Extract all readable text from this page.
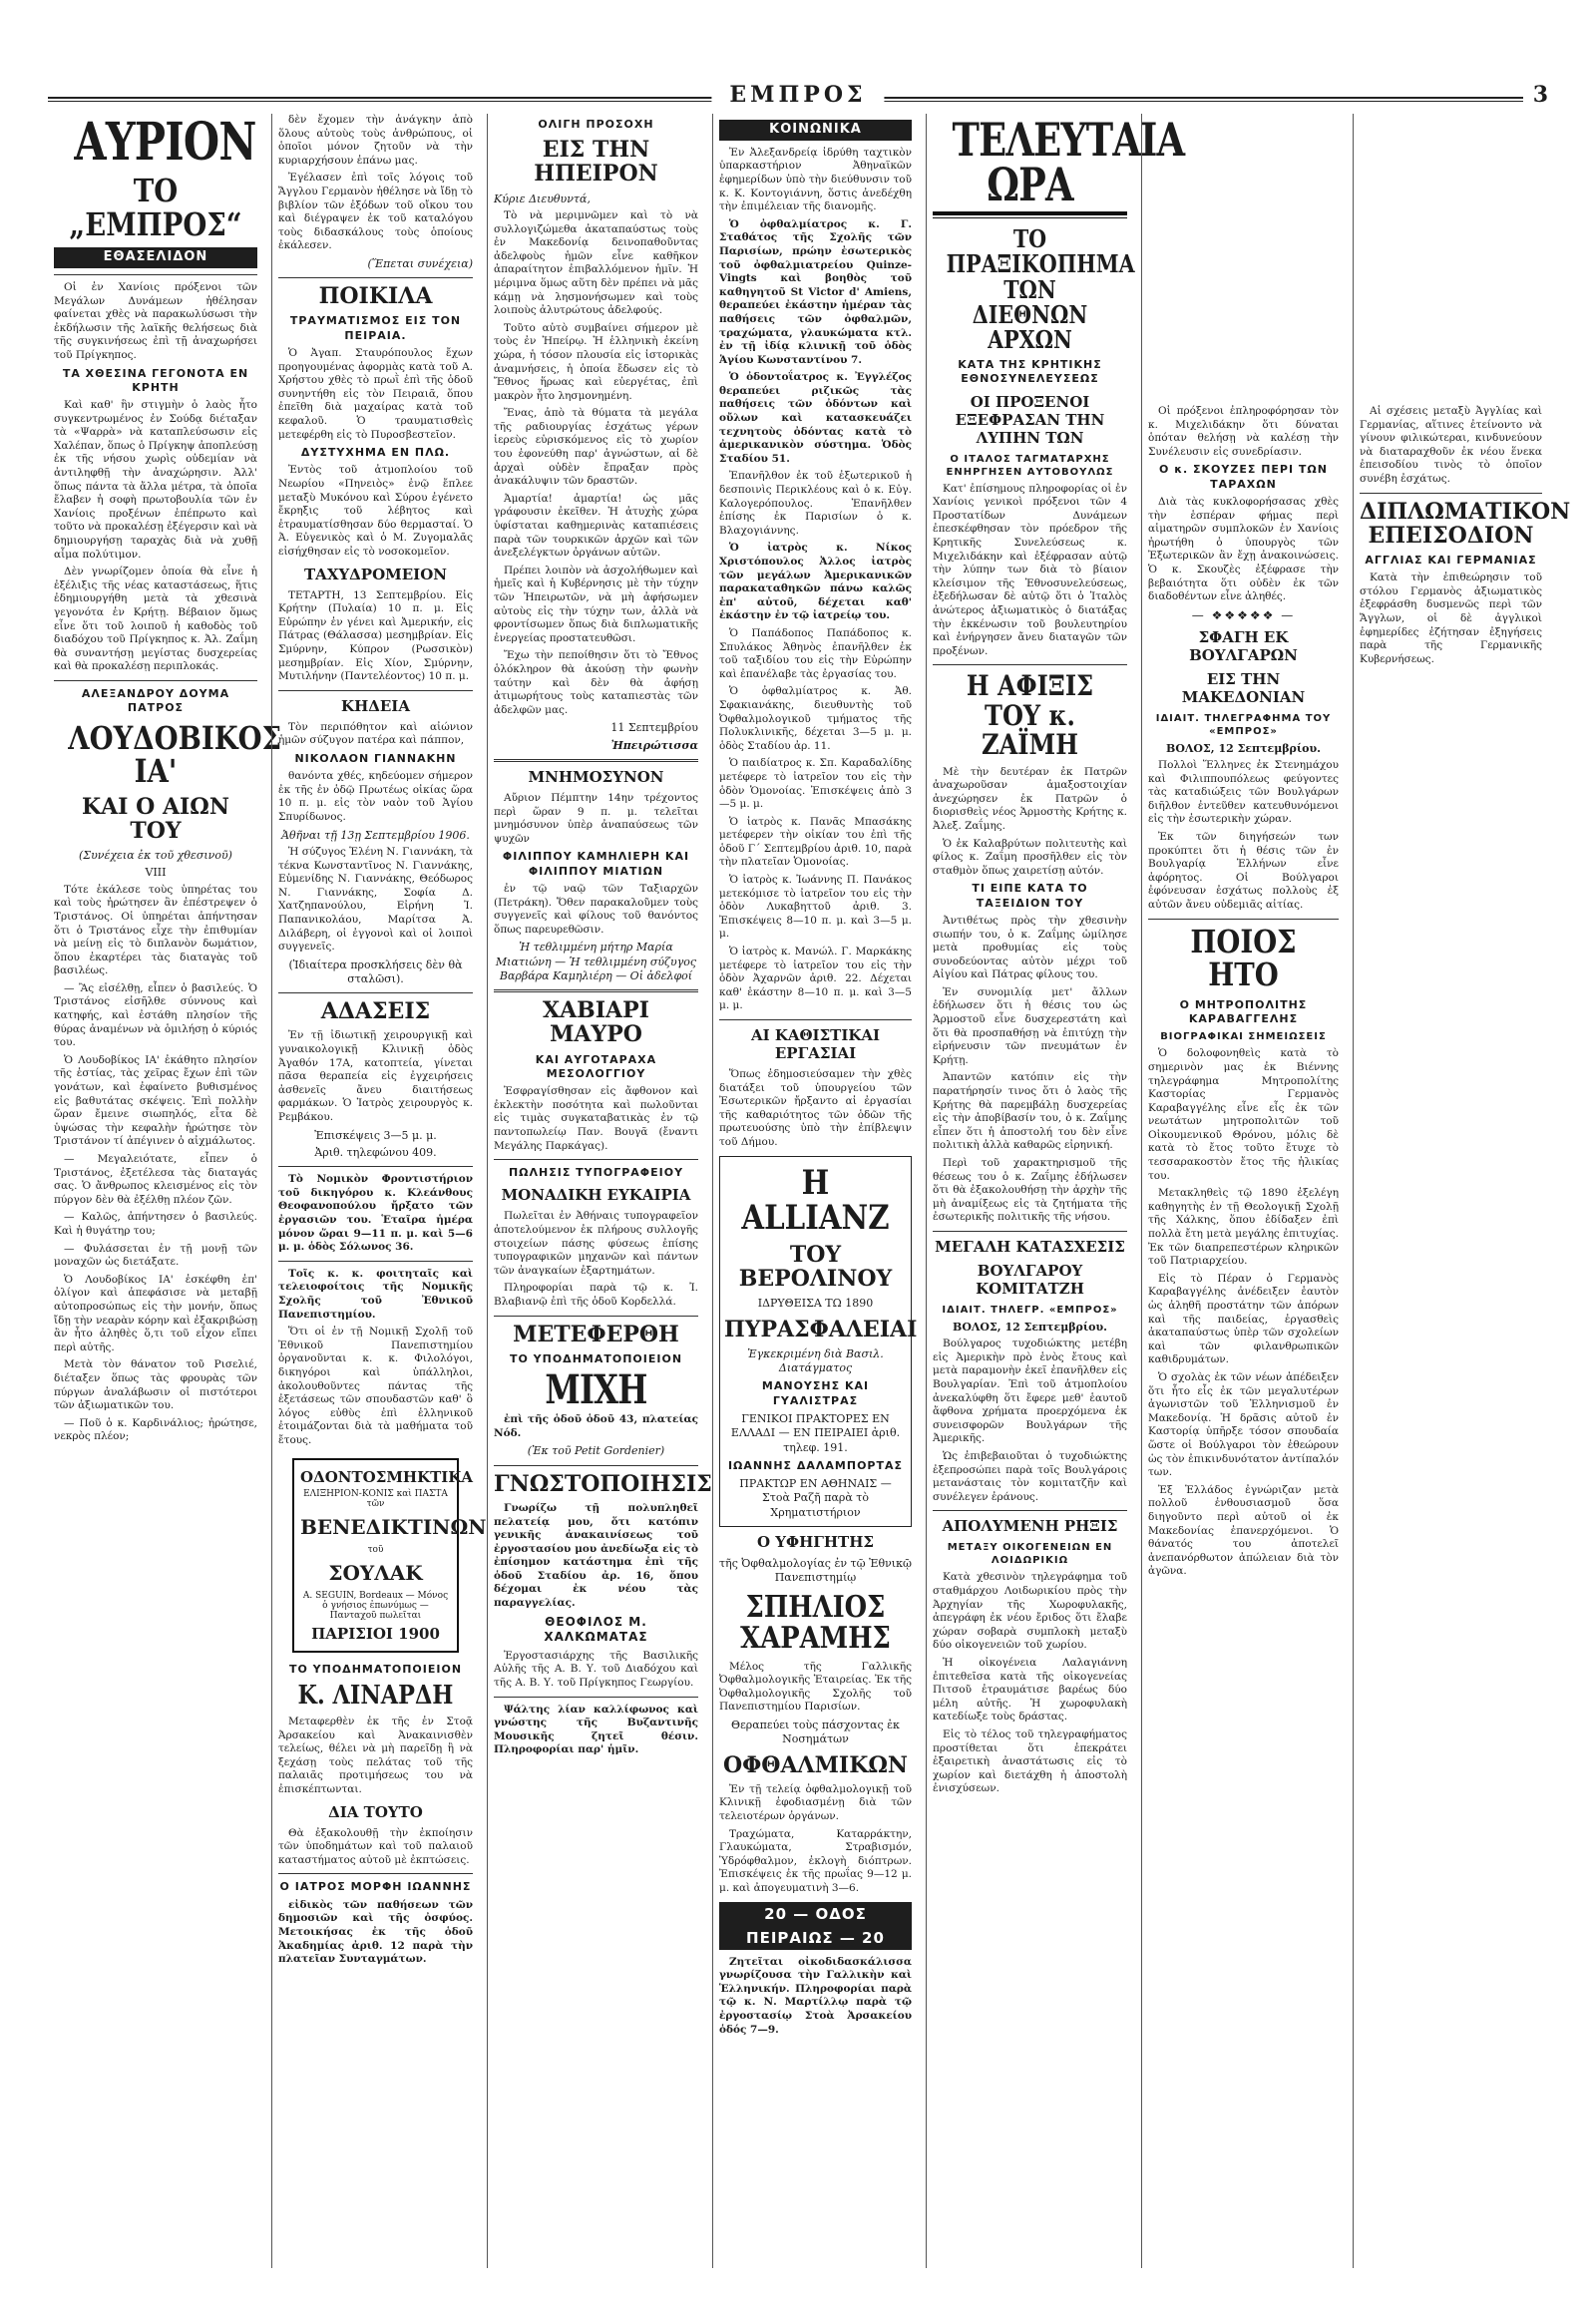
ΕΜΠΡΟΣ	3
ΑΥΡΙΟΝ
ΤΟ „ΕΜΠΡΟΣ“
ΕΘΑΣΕΛΙΔΟΝ

Οἱ ἐν Χανίοις πρόξενοι τῶν Μεγάλων Δυνάμεων ἠθέλησαν φαίνεται χθὲς νὰ παρακωλύσωσι τὴν ἐκδήλωσιν τῆς λαϊκῆς θελήσεως διὰ τῆς συγκινήσεως ἐπὶ τῇ ἀναχωρήσει τοῦ Πρίγκηπος.

ΤΑ ΧΘΕΣΙΝΑ ΓΕΓΟΝΟΤΑ ΕΝ ΚΡΗΤΗ

Καὶ καθ' ἣν στιγμὴν ὁ λαὸς ἦτο συγκεντρωμένος ἐν Σούδᾳ διέταξαν τὰ «Ψαρρὰ» νὰ καταπλεύσωσιν εἰς Χαλέπαν, ὅπως ὁ Πρίγκηψ ἀποπλεύσῃ ἐκ τῆς νήσου χωρὶς οὐδεμίαν νὰ ἀντιληφθῇ τὴν ἀναχώρησιν. Ἀλλ' ὅπως πάντα τὰ ἄλλα μέτρα, τὰ ὁποῖα ἔλαβεν ἡ σοφὴ πρωτοβουλία τῶν ἐν Χανίοις προξένων ἐπέπρωτο καὶ τοῦτο νὰ προκαλέσῃ ἐξέγερσιν καὶ νὰ δημιουργήσῃ ταραχὰς διὰ νὰ χυθῇ αἷμα πολύτιμον.

Δὲν γνωρίζομεν ὁποία θὰ εἶνε ἡ ἐξέλιξις τῆς νέας καταστάσεως, ἥτις ἐδημιουργήθη μετὰ τὰ χθεσινὰ γεγονότα ἐν Κρήτῃ. Βέβαιον ὅμως εἶνε ὅτι τοῦ λοιποῦ ἡ καθοδὸς τοῦ διαδόχου τοῦ Πρίγκηπος κ. Ἀλ. Ζαΐμη θὰ συναντήσῃ μεγίστας δυσχερείας καὶ θὰ προκαλέσῃ περιπλοκάς.

ΑΛΕΞΑΝΔΡΟΥ ΔΟΥΜΑ ΠΑΤΡΟΣ
ΛΟΥΔΟΒΙΚΟΣ ΙΑ'
ΚΑΙ Ο ΑΙΩΝ ΤΟΥ
(Συνέχεια ἐκ τοῦ χθεσινοῦ)
VIII

Τότε ἐκάλεσε τοὺς ὑπηρέτας του καὶ τοὺς ἠρώτησεν ἂν ἐπέστρεψεν ὁ Τριστάνος. Οἱ ὑπηρέται ἀπήντησαν ὅτι ὁ Τριστάνος εἶχε τὴν ἐπιθυμίαν νὰ μείνῃ εἰς τὸ διπλανὸν δωμάτιον, ὅπου ἐκαρτέρει τὰς διαταγὰς τοῦ βασιλέως.

— Ἂς εἰσέλθῃ, εἶπεν ὁ βασιλεύς. Ὁ Τριστάνος εἰσῆλθε σύννους καὶ κατηφής, καὶ ἐστάθη πλησίον τῆς θύρας ἀναμένων νὰ ὁμιλήσῃ ὁ κύριός του.

Ὁ Λουδοβίκος ΙΑ' ἐκάθητο πλησίον τῆς ἑστίας, τὰς χεῖρας ἔχων ἐπὶ τῶν γονάτων, καὶ ἐφαίνετο βυθισμένος εἰς βαθυτάτας σκέψεις. Ἐπὶ πολλὴν ὥραν ἔμεινε σιωπηλός, εἶτα δὲ ὑψώσας τὴν κεφαλὴν ἠρώτησε τὸν Τριστάνον τί ἀπέγινεν ὁ αἰχμάλωτος.

— Μεγαλειότατε, εἶπεν ὁ Τριστάνος, ἐξετέλεσα τὰς διαταγάς σας. Ὁ ἄνθρωπος κλεισμένος εἰς τὸν πύργον δὲν θὰ ἐξέλθῃ πλέον ζῶν.

— Καλῶς, ἀπήντησεν ὁ βασιλεύς. Καὶ ἡ θυγάτηρ του;

— Φυλάσσεται ἐν τῇ μονῇ τῶν μοναχῶν ὡς διετάξατε.

Ὁ Λουδοβίκος ΙΑ' ἐσκέφθη ἐπ' ὀλίγον καὶ ἀπεφάσισε νὰ μεταβῇ αὐτοπροσώπως εἰς τὴν μονήν, ὅπως ἴδῃ τὴν νεαρὰν κόρην καὶ ἐξακριβώσῃ ἂν ἦτο ἀληθὲς ὅ,τι τοῦ εἶχον εἴπει περὶ αὐτῆς.

Μετὰ τὸν θάνατον τοῦ Ρισελιέ, διέταξεν ὅπως τὰς φρουρὰς τῶν πύργων ἀναλάβωσιν οἱ πιστότεροι τῶν ἀξιωματικῶν του.

— Ποῦ ὁ κ. Καρδινάλιος; ἠρώτησε, νεκρὸς πλέον;

δὲν ἔχομεν τὴν ἀνάγκην ἀπὸ ὅλους αὐτοὺς τοὺς ἀνθρώπους, οἱ ὁποῖοι μόνον ζητοῦν νὰ τὴν κυριαρχήσουν ἐπάνω μας.

Ἐγέλασεν ἐπὶ τοῖς λόγοις τοῦ Ἄγγλου Γερμανὸν ἠθέλησε νὰ ἴδῃ τὸ βιβλίον τῶν ἐξόδων τοῦ οἴκου του καὶ διέγραψεν ἐκ τοῦ καταλόγου τοὺς διδασκάλους τοὺς ὁποίους ἐκάλεσεν.

(Ἕπεται συνέχεια)
ΠΟΙΚΙΛΑ
ΤΡΑΥΜΑΤΙΣΜΟΣ ΕΙΣ ΤΟΝ ΠΕΙΡΑΙΑ.

Ὁ Ἀγαπ. Σταυρόπουλος ἔχων προηγουμένας ἀφορμὰς κατὰ τοῦ Α. Χρήστου χθὲς τὸ πρωῒ ἐπὶ τῆς ὁδοῦ συνηντήθη εἰς τὸν Πειραιᾶ, ὅπου ἐπεῖθη διὰ μαχαίρας κατὰ τοῦ κεφαλοῦ. Ὁ τραυματισθεὶς μετεφέρθη εἰς τὸ Πυροσβεστεῖον.

ΔΥΣΤΥΧΗΜΑ ΕΝ ΠΛΩ.

Ἐντὸς τοῦ ἀτμοπλοίου τοῦ Νεωρίου «Πηνειὸς» ἐνῷ ἔπλεε μεταξὺ Μυκόνου καὶ Σύρου ἐγένετο ἔκρηξις τοῦ λέβητος καὶ ἐτραυματίσθησαν δύο θερμασταί. Ὁ Ἀ. Εὐγενικὸς καὶ ὁ Μ. Ζυγομαλᾶς εἰσήχθησαν εἰς τὸ νοσοκομεῖον.

ΤΑΧΥΔΡΟΜΕΙΟΝ

ΤΕΤΑΡΤΗ, 13 Σεπτεμβρίου. Εἰς Κρήτην (Πυλαία) 10 π. μ. Εἰς Εὐρώπην ἐν γένει καὶ Ἀμερικήν, εἰς Πάτρας (Θάλασσα) μεσημβρίαν. Εἰς Σμύρνην, Κύπρον (Ρωσσικὸν) μεσημβρίαν. Εἰς Χίον, Σμύρνην, Μυτιλήνην (Παντελέοντος) 10 π. μ.

ΚΗΔΕΙΑ

Τὸν περιπόθητον καὶ αἰώνιον ἡμῶν σύζυγον πατέρα καὶ πάππον,

ΝΙΚΟΛΑΟΝ ΓΙΑΝΝΑΚΗΝ

θανόντα χθές, κηδεύομεν σήμερον ἐκ τῆς ἐν ὁδῷ Πρωτέως οἰκίας ὥρα 10 π. μ. εἰς τὸν ναὸν τοῦ Ἁγίου Σπυρίδωνος.

Ἀθῆναι τῇ 13ῃ Σεπτεμβρίου 1906.

Ἡ σύζυγος Ἑλένη Ν. Γιαννάκη, τὰ τέκνα Κωνσταντῖνος Ν. Γιαννάκης, Εὐμενίδης Ν. Γιαννάκης, Θεόδωρος Ν. Γιαννάκης, Σοφία Δ. Χατζηπανούλου, Εἰρήνη Ἰ. Παπανικολάου, Μαρίτσα Ἀ. Διλάβερη, οἱ ἐγγονοὶ καὶ οἱ λοιποὶ συγγενεῖς.

(Ἰδιαίτερα προσκλήσεις δὲν θὰ σταλῶσι).
ΑΔΑΣΕΙΣ

Ἐν τῇ ἰδιωτικῇ χειρουργικῇ καὶ γυναικολογικῇ Κλινικῇ ὁδὸς Ἀγαθόν 17Α, κατοπτεία, γίνεται πᾶσα θεραπεία εἰς ἐγχειρήσεις ἀσθενεῖς ἄνευ διαιτήσεως φαρμάκων. Ὁ Ἰατρὸς χειρουργὸς κ. Ρεμβάκου.

Ἐπισκέψεις 3—5 μ. μ.
Ἀριθ. τηλεφώνου 409.

Τὸ Νομικὸν Φροντιστήριον τοῦ δικηγόρου κ. Κλεάνθους Θεοφανοπούλου ἤρξατο τῶν ἐργασιῶν του. Ἑταῖρα ἡμέρα μόνον ὥραι 9—11 π. μ. καὶ 5—6 μ. μ. ὁδὸς Σόλωνος 36.

Τοῖς κ. κ. φοιτηταῖς καὶ τελειοφοίτοις τῆς Νομικῆς Σχολῆς τοῦ Ἐθνικοῦ Πανεπιστημίου.

Ὅτι οἱ ἐν τῇ Νομικῇ Σχολῇ τοῦ Ἐθνικοῦ Πανεπιστημίου ὀργανοῦνται κ. κ. Φιλολόγοι, δικηγόροι καὶ ὑπάλληλοι, ἀκολουθοῦντες πάντας τῆς ἐξετάσεως τῶν σπουδαστῶν καθ' ὃ λόγος εὐθὺς ἐπὶ ἑλληνικοῦ ἐτοιμάζονται διὰ τὰ μαθήματα τοῦ ἔτους.

ΟΔΟΝΤΟΣΜΗΚΤΙΚΑ
ΕΛΙΞΗΡΙΟΝ-ΚΟΝΙΣ καὶ ΠΑΣΤΑ τῶν
ΒΕΝΕΔΙΚΤΙΝΩΝ
τοῦ
ΣΟΥΛΑΚ
A. SEGUIN, Bordeaux — Μόνος ὁ γνήσιος ἐπωνύμως — Πανταχοῦ πωλεῖται
ΠΑΡΙΣΙΟΙ 1900
ΤΟ ΥΠΟΔΗΜΑΤΟΠΟΙΕΙΟΝ
Κ. ΛΙΝΑΡΔΗ

Μεταφερθὲν ἐκ τῆς ἐν Στοᾷ Ἀρσακείου καὶ Ἀνακαινισθὲν τελείως, θέλει νὰ μὴ παρεῖδῃ ἢ νὰ ξεχάσῃ τοὺς πελάτας τοῦ τῆς παλαιᾶς προτιμήσεως του νὰ ἐπισκέπτωνται.

ΔΙΑ ΤΟΥΤΟ

Θὰ ἐξακολουθῇ τὴν ἐκποίησιν τῶν ὑποδημάτων καὶ τοῦ παλαιοῦ καταστήματος αὐτοῦ μὲ ἐκπτώσεις.

Ο ΙΑΤΡΟΣ ΜΟΡΦΗ ΙΩΑΝΝΗΣ

εἰδικὸς τῶν παθήσεων τῶν δημοσιῶν καὶ τῆς ὀσφύος. Μετοικήσας ἐκ τῆς ὁδοῦ Ἀκαδημίας ἀριθ. 12 παρὰ τὴν πλατεῖαν Συνταγμάτων.

ΟΛΙΓΗ ΠΡΟΣΟΧΗ
ΕΙΣ ΤΗΝ ΗΠΕΙΡΟΝ
Κύριε Διευθυντά,

Τὸ νὰ μεριμνῶμεν καὶ τὸ νὰ συλλογιζώμεθα ἀκαταπαύστως τοὺς ἐν Μακεδονίᾳ δεινοπαθοῦντας ἀδελφοὺς ἡμῶν εἶνε καθῆκον ἀπαραίτητον ἐπιβαλλόμενον ἡμῖν. Ἡ μέριμνα ὅμως αὕτη δὲν πρέπει νὰ μᾶς κάμῃ νὰ λησμονήσωμεν καὶ τοὺς λοιποὺς ἀλυτρώτους ἀδελφούς.

Τοῦτο αὐτὸ συμβαίνει σήμερον μὲ τοὺς ἐν Ἠπείρῳ. Ἡ ἑλληνικὴ ἐκείνη χώρα, ἡ τόσον πλουσία εἰς ἱστορικὰς ἀναμνήσεις, ἡ ὁποία ἔδωσεν εἰς τὸ Ἔθνος ἥρωας καὶ εὐεργέτας, ἐπὶ μακρὸν ἦτο λησμονημένη.

Ἔνας, ἀπὸ τὰ θύματα τὰ μεγάλα τῆς ραδιουργίας ἐσχάτως γέρων ἱερεὺς εὑρισκόμενος εἰς τὸ χωρίον του ἐφονεύθη παρ' ἀγνώστων, αἱ δὲ ἀρχαὶ οὐδὲν ἔπραξαν πρὸς ἀνακάλυψιν τῶν δραστῶν.

Ἀμαρτία! ἀμαρτία! ὡς μᾶς γράφουσιν ἐκεῖθεν. Ἡ ἀτυχὴς χώρα ὑφίσταται καθημερινὰς καταπιέσεις παρὰ τῶν τουρκικῶν ἀρχῶν καὶ τῶν ἀνεξελέγκτων ὀργάνων αὐτῶν.

Πρέπει λοιπὸν νὰ ἀσχολήθωμεν καὶ ἡμεῖς καὶ ἡ Κυβέρνησις μὲ τὴν τύχην τῶν Ἠπειρωτῶν, νὰ μὴ ἀφήσωμεν αὐτοὺς εἰς τὴν τύχην των, ἀλλὰ νὰ φροντίσωμεν ὅπως διὰ διπλωματικῆς ἐνεργείας προστατευθῶσι.

Ἔχω τὴν πεποίθησιν ὅτι τὸ Ἔθνος ὁλόκληρον θὰ ἀκούσῃ τὴν φωνὴν ταύτην καὶ δὲν θὰ ἀφήσῃ ἀτιμωρήτους τοὺς καταπιεστὰς τῶν ἀδελφῶν μας.

11 Σεπτεμβρίου
Ἠπειρώτισσα
ΜΝΗΜΟΣΥΝΟΝ

Αὔριον Πέμπτην 14ην τρέχοντος περὶ ὥραν 9 π. μ. τελεῖται μνημόσυνον ὑπὲρ ἀναπαύσεως τῶν ψυχῶν

ΦΙΛΙΠΠΟΥ ΚΑΜΗΛΙΕΡΗ ΚΑΙ ΦΙΛΙΠΠΟΥ ΜΙΑΤΙΩΝ

ἐν τῷ ναῷ τῶν Ταξιαρχῶν (Πετράκη). Ὅθεν παρακαλοῦμεν τοὺς συγγενεῖς καὶ φίλους τοῦ θανόντος ὅπως παρευρεθῶσιν.

Ἡ τεθλιμμένη μήτηρ Μαρία Μιατιώνη — Ἡ τεθλιμμένη σύζυγος Βαρβάρα Καμηλιέρη — Οἱ ἀδελφοί
ΧΑΒΙΑΡΙ ΜΑΥΡΟ
ΚΑΙ ΑΥΓΟΤΑΡΑΧΑ ΜΕΣΟΛΟΓΓΙΟΥ

Ἐσφραγίσθησαν εἰς ἄφθονον καὶ ἐκλεκτὴν ποσότητα καὶ πωλοῦνται εἰς τιμὰς συγκαταβατικὰς ἐν τῷ παντοπωλείῳ Παν. Βουγᾶ (ἔναντι Μεγάλης Παρκάγας).

ΠΩΛΗΣΙΣ ΤΥΠΟΓΡΑΦΕΙΟΥ
ΜΟΝΑΔΙΚΗ ΕΥΚΑΙΡΙΑ

Πωλεῖται ἐν Ἀθήναις τυπογραφεῖον ἀποτελούμενον ἐκ πλήρους συλλογῆς στοιχείων πάσης φύσεως ἐπίσης τυπογραφικῶν μηχανῶν καὶ πάντων τῶν ἀναγκαίων ἐξαρτημάτων.

Πληροφορίαι παρὰ τῷ κ. Ἰ. Βλαβιανῷ ἐπὶ τῆς ὁδοῦ Κορδελλά.

ΜΕΤΕΦΕΡΘΗ
ΤΟ ΥΠΟΔΗΜΑΤΟΠΟΙΕΙΟΝ
ΜΙΧΗ

ἐπὶ τῆς ὁδοῦ ὁδοῦ 43, πλατείας Νόδ.

(Ἐκ τοῦ Petit Gordenier)
ΓΝΩΣΤΟΠΟΙΗΣΙΣ

Γνωρίζω τῇ πολυπληθεῖ πελατείᾳ μου, ὅτι κατόπιν γενικῆς ἀνακαινίσεως τοῦ ἐργοστασίου μου ἀνεδίωξα εἰς τὸ ἐπίσημον κατάστημα ἐπὶ τῆς ὁδοῦ Σταδίου ἀρ. 16, ὅπου δέχομαι ἐκ νέου τὰς παραγγελίας.

ΘΕΟΦΙΛΟΣ Μ. ΧΑΛΚΩΜΑΤΑΣ

Ἐργοστασιάρχης τῆς Βασιλικῆς Αὐλῆς τῆς Α. Β. Υ. τοῦ Διαδόχου καὶ τῆς Α. Β. Υ. τοῦ Πρίγκηπος Γεωργίου.

Ψάλτης λίαν καλλίφωνος καὶ γνώστης τῆς Βυζαντινῆς Μουσικῆς ζητεῖ θέσιν. Πληροφορίαι παρ' ἡμῖν.

ΚΟΙΝΩΝΙΚΑ

Ἐν Ἀλεξανδρείᾳ ἱδρύθη ταχτικὸν ὑπαρκαστήριον Ἀθηναϊκῶν ἐφημερίδων ὑπὸ τὴν διεύθυνσιν τοῦ κ. Κ. Κοντογιάννη, ὅστις ἀνεδέχθη τὴν ἐπιμέλειαν τῆς διανομῆς.

Ὁ ὀφθαλμίατρος κ. Γ. Σταθάτος τῆς Σχολῆς τῶν Παρισίων, πρώην ἐσωτερικὸς τοῦ ὀφθαλμιατρείου Quinze-Vingts καὶ βοηθὸς τοῦ καθηγητοῦ St Victor d' Amiens, θεραπεύει ἐκάστην ἡμέραν τὰς παθήσεις τῶν ὀφθαλμῶν, τραχώματα, γλαυκώματα κτλ. ἐν τῇ ἰδίᾳ κλινικῇ τοῦ ὁδὸς Ἁγίου Κωνσταντίνου 7.

Ὁ ὀδοντοΐατρος κ. Ἐγγλέζος θεραπεύει ριζικῶς τὰς παθήσεις τῶν ὀδόντων καὶ οὔλων καὶ κατασκευάζει τεχνητοὺς ὀδόντας κατὰ τὸ ἀμερικανικὸν σύστημα. Ὁδὸς Σταδίου 51.

Ἐπανῆλθον ἐκ τοῦ ἐξωτερικοῦ ἡ δεσποινὶς Περικλέους καὶ ὁ κ. Εὐγ. Καλογερόπουλος. Ἐπανῆλθεν ἐπίσης ἐκ Παρισίων ὁ κ. Βλαχογιάννης.

Ὁ ἰατρὸς κ. Νίκος Χριστόπουλος Ἀλλος ἰατρὸς τῶν μεγάλων Ἀμερικανικῶν παρακαταθηκῶν πάνω καλῶς ἐπ' αὐτοῦ, δέχεται καθ' ἑκάστην ἐν τῷ ἰατρείῳ του.

Ὁ Παπάδοπος Παπάδοπος κ. Σπυλάκος Ἀθηνὸς ἐπανῆλθεν ἐκ τοῦ ταξιδίου του εἰς τὴν Εὐρώπην καὶ ἐπανέλαβε τὰς ἐργασίας του.

Ὁ ὀφθαλμίατρος κ. Ἀθ. Σφακιανάκης, διευθυντὴς τοῦ Ὀφθαλμολογικοῦ τμήματος τῆς Πολυκλινικῆς, δέχεται 3—5 μ. μ. ὁδὸς Σταδίου ἀρ. 11.

Ὁ παιδίατρος κ. Σπ. Καραδαλίδης μετέφερε τὸ ἰατρεῖον του εἰς τὴν ὁδὸν Ὁμονοίας. Ἐπισκέψεις ἀπὸ 3—5 μ. μ.

Ὁ ἰατρὸς κ. Πανᾶς Μπασάκης μετέφερεν τὴν οἰκίαν του ἐπὶ τῆς ὁδοῦ Γ΄ Σεπτεμβρίου ἀριθ. 10, παρὰ τὴν πλατεῖαν Ὁμονοίας.

Ὁ ἰατρὸς κ. Ἰωάννης Π. Πανάκος μετεκόμισε τὸ ἰατρεῖον του εἰς τὴν ὁδὸν Λυκαβηττοῦ ἀριθ. 3. Ἐπισκέψεις 8—10 π. μ. καὶ 3—5 μ. μ.

Ὁ ἰατρὸς κ. Μανώλ. Γ. Μαρκάκης μετέφερε τὸ ἰατρεῖον του εἰς τὴν ὁδὸν Ἀχαρνῶν ἀριθ. 22. Δέχεται καθ' ἑκάστην 8—10 π. μ. καὶ 3—5 μ. μ.

ΑΙ ΚΑΘΙΣΤΙΚΑΙ ΕΡΓΑΣΙΑΙ

Ὅπως ἐδημοσιεύσαμεν τὴν χθὲς διατάξει τοῦ ὑπουργείου τῶν Ἐσωτερικῶν ἤρξαντο αἱ ἐργασίαι τῆς καθαριότητος τῶν ὁδῶν τῆς πρωτευούσης ὑπὸ τὴν ἐπίβλεψιν τοῦ Δήμου.

Η ALLIANZ
ΤΟΥ ΒΕΡΟΛΙΝΟΥ
ΙΔΡΥΘΕΙΣΑ ΤΩ 1890
ΠΥΡΑΣΦΑΛΕΙΑΙ
Ἐγκεκριμένη διὰ Βασιλ. Διατάγματος
ΜΑΝΟΥΣΗΣ ΚΑΙ ΓΥΑΛΙΣΤΡΑΣ
ΓΕΝΙΚΟΙ ΠΡΑΚΤΟΡΕΣ ΕΝ ΕΛΛΑΔΙ — ΕΝ ΠΕΙΡΑΙΕΙ ἀριθ. τηλεφ. 191.
ΙΩΑΝΝΗΣ ΔΑΛΑΜΠΟΡΤΑΣ
ΠΡΑΚΤΩΡ ΕΝ ΑΘΗΝΑΙΣ — Στοὰ Ραζῆ παρὰ τὸ Χρηματιστήριον
Ο ΥΦΗΓΗΤΗΣ
τῆς Ὀφθαλμολογίας ἐν τῷ Ἐθνικῷ Πανεπιστημίῳ
ΣΠΗΛΙΟΣ ΧΑΡΑΜΗΣ

Μέλος τῆς Γαλλικῆς Ὀφθαλμολογικῆς Ἑταιρείας. Ἐκ τῆς Ὀφθαλμολογικῆς Σχολῆς τοῦ Πανεπιστημίου Παρισίων.

Θεραπεύει τοὺς πάσχοντας ἐκ Νοσημάτων
ΟΦΘΑΛΜΙΚΩΝ

Ἐν τῇ τελείᾳ ὀφθαλμολογικῇ τοῦ Κλινικῇ ἐφοδιασμένῃ διὰ τῶν τελειοτέρων ὀργάνων.

Τραχώματα, Καταρράκτην, Γλαυκώματα, Στραβισμόν, Ὑδρόφθαλμον, ἐκλογὴ διόπτρων. Ἐπισκέψεις ἐκ τῆς πρωΐας 9—12 μ. μ. καὶ ἀπογευματινὴ 3—6.

20 — ΟΔΟΣ ΠΕΙΡΑΙΩΣ — 20

Ζητεῖται οἰκοδιδασκάλισσα γνωρίζουσα τὴν Γαλλικὴν καὶ Ἑλληνικήν. Πληροφορίαι παρὰ τῷ κ. Ν. Μαρτίλλῳ παρὰ τῷ ἐργοστασίῳ Στοὰ Ἀρσακείου ὁδός 7—9.

ΤΕΛΕΥΤΑΙΑ ΩΡΑ
ΤΟ ΠΡΑΞΙΚΟΠΗΜΑ ΤΩΝ ΔΙΕΘΝΩΝ ΑΡΧΩΝ
ΚΑΤΑ ΤΗΣ ΚΡΗΤΙΚΗΣ ΕΘΝΟΣΥΝΕΛΕΥΣΕΩΣ
ΟΙ ΠΡΟΞΕΝΟΙ ΕΞΕΦΡΑΣΑΝ ΤΗΝ ΛΥΠΗΝ ΤΩΝ
Ο ΙΤΑΛΟΣ ΤΑΓΜΑΤΑΡΧΗΣ ΕΝΗΡΓΗΣΕΝ ΑΥΤΟΒΟΥΛΩΣ

Κατ' ἐπίσημους πληροφορίας οἱ ἐν Χανίοις γενικοὶ πρόξενοι τῶν 4 Προστατίδων Δυνάμεων ἐπεσκέφθησαν τὸν πρόεδρον τῆς Κρητικῆς Συνελεύσεως κ. Μιχελιδάκην καὶ ἐξέφρασαν αὐτῷ τὴν λύπην των διὰ τὸ βίαιον κλείσιμον τῆς Ἐθνοσυνελεύσεως, ἐξεδήλωσαν δὲ αὐτῷ ὅτι ὁ Ἰταλὸς ἀνώτερος ἀξιωματικὸς ὁ διατάξας τὴν ἐκκένωσιν τοῦ βουλευτηρίου καὶ ἐνήργησεν ἄνευ διαταγῶν τῶν προξένων.

Η ΑΦΙΞΙΣ ΤΟΥ κ. ΖΑΪΜΗ

Μὲ τὴν δευτέραν ἐκ Πατρῶν ἀναχωροῦσαν ἀμαξοστοιχίαν ἀνεχώρησεν ἐκ Πατρῶν ὁ διορισθεὶς νέος Ἁρμοστὴς Κρήτης κ. Ἀλεξ. Ζαΐμης.

Ὁ ἐκ Καλαβρύτων πολιτευτὴς καὶ φίλος κ. Ζαΐμη προσῆλθεν εἰς τὸν σταθμὸν ὅπως χαιρετίσῃ αὐτόν.

ΤΙ ΕΙΠΕ ΚΑΤΑ ΤΟ ΤΑΞΕΙΔΙΟΝ ΤΟΥ

Ἀντιθέτως πρὸς τὴν χθεσινὴν σιωπήν του, ὁ κ. Ζαΐμης ὡμίλησε μετὰ προθυμίας εἰς τοὺς συνοδεύοντας αὐτὸν μέχρι τοῦ Αἰγίου καὶ Πάτρας φίλους του.

Ἐν συνομιλίᾳ μετ' ἄλλων ἐδήλωσεν ὅτι ἡ θέσις του ὡς Ἁρμοστοῦ εἶνε δυσχερεστάτη καὶ ὅτι θὰ προσπαθήσῃ νὰ ἐπιτύχῃ τὴν εἰρήνευσιν τῶν πνευμάτων ἐν Κρήτῃ.

Ἀπαντῶν κατόπιν εἰς τὴν παρατήρησίν τινος ὅτι ὁ λαὸς τῆς Κρήτης θὰ παρεμβάλῃ δυσχερείας εἰς τὴν ἀποβίβασίν του, ὁ κ. Ζαΐμης εἶπεν ὅτι ἡ ἀποστολή του δὲν εἶνε πολιτικὴ ἀλλὰ καθαρῶς εἰρηνική.

Περὶ τοῦ χαρακτηρισμοῦ τῆς θέσεως του ὁ κ. Ζαΐμης ἐδήλωσεν ὅτι θὰ ἐξακολουθήσῃ τὴν ἀρχὴν τῆς μὴ ἀναμίξεως εἰς τὰ ζητήματα τῆς ἐσωτερικῆς πολιτικῆς τῆς νήσου.

ΜΕΓΑΛΗ ΚΑΤΑΣΧΕΣΙΣ
ΒΟΥΛΓΑΡΟΥ ΚΟΜΙΤΑΤΖΗ
ΙΔΙΑΙΤ. ΤΗΛΕΓΡ. «ΕΜΠΡΟΣ»
ΒΟΛΟΣ, 12 Σεπτεμβρίου.

Βούλγαρος τυχοδιώκτης μετέβη εἰς Ἀμερικὴν πρὸ ἑνὸς ἔτους καὶ μετὰ παραμονὴν ἐκεῖ ἐπανῆλθεν εἰς Βουλγαρίαν. Ἐπὶ τοῦ ἀτμοπλοίου ἀνεκαλύφθη ὅτι ἔφερε μεθ' ἑαυτοῦ ἄφθονα χρήματα προερχόμενα ἐκ συνεισφορῶν Βουλγάρων τῆς Ἀμερικῆς.

Ὡς ἐπιβεβαιοῦται ὁ τυχοδιώκτης ἐξεπροσώπει παρὰ τοῖς Βουλγάροις μετανάσταις τὸν κομιτατζῆν καὶ συνέλεγεν ἐράνους.

ΑΠΟΛΥΜΕΝΗ ΡΗΞΙΣ
ΜΕΤΑΞΥ ΟΙΚΟΓΕΝΕΙΩΝ ΕΝ ΛΟΙΔΩΡΙΚΙΩ

Κατὰ χθεσινὸν τηλεγράφημα τοῦ σταθμάρχου Λοιδωρικίου πρὸς τὴν Ἀρχηγίαν τῆς Χωροφυλακῆς, ἀπεγράφη ἐκ νέου ἔριδος ὅτι ἔλαβε χώραν σοβαρὰ συμπλοκὴ μεταξὺ δύο οἰκογενειῶν τοῦ χωρίου.

Ἡ οἰκογένεια Λαλαγιάννη ἐπιτεθεῖσα κατὰ τῆς οἰκογενείας Πιτσοῦ ἐτραυμάτισε βαρέως δύο μέλη αὐτῆς. Ἡ χωροφυλακὴ κατεδίωξε τοὺς δράστας.

Εἰς τὸ τέλος τοῦ τηλεγραφήματος προστίθεται ὅτι ἐπεκράτει ἐξαιρετικὴ ἀναστάτωσις εἰς τὸ χωρίον καὶ διετάχθη ἡ ἀποστολὴ ἐνισχύσεων.

Οἱ πρόξενοι ἐπληροφόρησαν τὸν κ. Μιχελιδάκην ὅτι δύναται ὁπόταν θελήσῃ νὰ καλέσῃ τὴν Συνέλευσιν εἰς συνεδρίασιν.

Ο κ. ΣΚΟΥΖΕΣ ΠΕΡΙ ΤΩΝ ΤΑΡΑΧΩΝ

Διὰ τὰς κυκλοφορήσασας χθὲς τὴν ἑσπέραν φήμας περὶ αἱματηρῶν συμπλοκῶν ἐν Χανίοις ἠρωτήθη ὁ ὑπουργὸς τῶν Ἐξωτερικῶν ἂν ἔχῃ ἀνακοινώσεις. Ὁ κ. Σκουζὲς ἐξέφρασε τὴν βεβαιότητα ὅτι οὐδὲν ἐκ τῶν διαδοθέντων εἶνε ἀληθές.

— ❖❖❖❖❖ —
ΣΦΑΓΗ ΕΚ ΒΟΥΛΓΑΡΩΝ
ΕΙΣ ΤΗΝ ΜΑΚΕΔΟΝΙΑΝ
ΙΔΙΑΙΤ. ΤΗΛΕΓΡΑΦΗΜΑ ΤΟΥ «ΕΜΠΡΟΣ»
ΒΟΛΟΣ, 12 Σεπτεμβρίου.

Πολλοὶ Ἕλληνες ἐκ Στενημάχου καὶ Φιλιππουπόλεως φεύγοντες τὰς καταδιώξεις τῶν Βουλγάρων διῆλθον ἐντεῦθεν κατευθυνόμενοι εἰς τὴν ἐσωτερικὴν χώραν.

Ἐκ τῶν διηγήσεών των προκύπτει ὅτι ἡ θέσις τῶν ἐν Βουλγαρίᾳ Ἑλλήνων εἶνε ἀφόρητος. Οἱ Βούλγαροι ἐφόνευσαν ἐσχάτως πολλοὺς ἐξ αὐτῶν ἄνευ οὐδεμιᾶς αἰτίας.

ΠΟΙΟΣ ΗΤΟ
Ο ΜΗΤΡΟΠΟΛΙΤΗΣ ΚΑΡΑΒΑΓΓΕΛΗΣ
ΒΙΟΓΡΑΦΙΚΑΙ ΣΗΜΕΙΩΣΕΙΣ

Ὁ δολοφονηθεὶς κατὰ τὸ σημερινὸν μας ἐκ Βιέννης τηλεγράφημα Μητροπολίτης Καστορίας Γερμανὸς Καραβαγγέλης εἶνε εἷς ἐκ τῶν νεωτάτων μητροπολιτῶν τοῦ Οἰκουμενικοῦ Θρόνου, μόλις δὲ κατὰ τὸ ἔτος τοῦτο ἔτυχε τὸ τεσσαρακοστὸν ἔτος τῆς ἡλικίας του.

Μετακληθεὶς τῷ 1890 ἐξελέγη καθηγητὴς ἐν τῇ Θεολογικῇ Σχολῇ τῆς Χάλκης, ὅπου ἐδίδαξεν ἐπὶ πολλὰ ἔτη μετὰ μεγάλης ἐπιτυχίας. Ἐκ τῶν διαπρεπεστέρων κληρικῶν τοῦ Πατριαρχείου.

Εἰς τὸ Πέραν ὁ Γερμανὸς Καραβαγγέλης ἀνέδειξεν ἑαυτὸν ὡς ἀληθῆ προστάτην τῶν ἀπόρων καὶ τῆς παιδείας, ἐργασθεὶς ἀκαταπαύστως ὑπὲρ τῶν σχολείων καὶ τῶν φιλανθρωπικῶν καθιδρυμάτων.

Ὁ σχολὰς ἐκ τῶν νέων ἀπέδειξεν ὅτι ἦτο εἷς ἐκ τῶν μεγαλυτέρων ἀγωνιστῶν τοῦ Ἑλληνισμοῦ ἐν Μακεδονίᾳ. Ἡ δρᾶσις αὐτοῦ ἐν Καστορίᾳ ὑπῆρξε τόσον σπουδαία ὥστε οἱ Βούλγαροι τὸν ἐθεώρουν ὡς τὸν ἐπικινδυνότατον ἀντίπαλόν των.

Ἐξ Ἑλλάδος ἐγνώριζαν μετὰ πολλοῦ ἐνθουσιασμοῦ ὅσα διηγοῦντο περὶ αὐτοῦ οἱ ἐκ Μακεδονίας ἐπανερχόμενοι. Ὁ θάνατός του ἀποτελεῖ ἀνεπανόρθωτον ἀπώλειαν διὰ τὸν ἀγῶνα.

Αἱ σχέσεις μεταξὺ Ἀγγλίας καὶ Γερμανίας, αἵτινες ἐτείνοντο νὰ γίνουν φιλικώτεραι, κινδυνεύουν νὰ διαταραχθοῦν ἐκ νέου ἕνεκα ἐπεισοδίου τινὸς τὸ ὁποῖον συνέβη ἐσχάτως.

ΔΙΠΛΩΜΑΤΙΚΟΝ ΕΠΕΙΣΟΔΙΟΝ
ΑΓΓΛΙΑΣ ΚΑΙ ΓΕΡΜΑΝΙΑΣ

Κατὰ τὴν ἐπιθεώρησιν τοῦ στόλου Γερμανὸς ἀξιωματικὸς ἐξεφράσθη δυσμενῶς περὶ τῶν Ἄγγλων, οἱ δὲ ἀγγλικοὶ ἐφημερίδες ἐζήτησαν ἐξηγήσεις παρὰ τῆς Γερμανικῆς Κυβερνήσεως.
